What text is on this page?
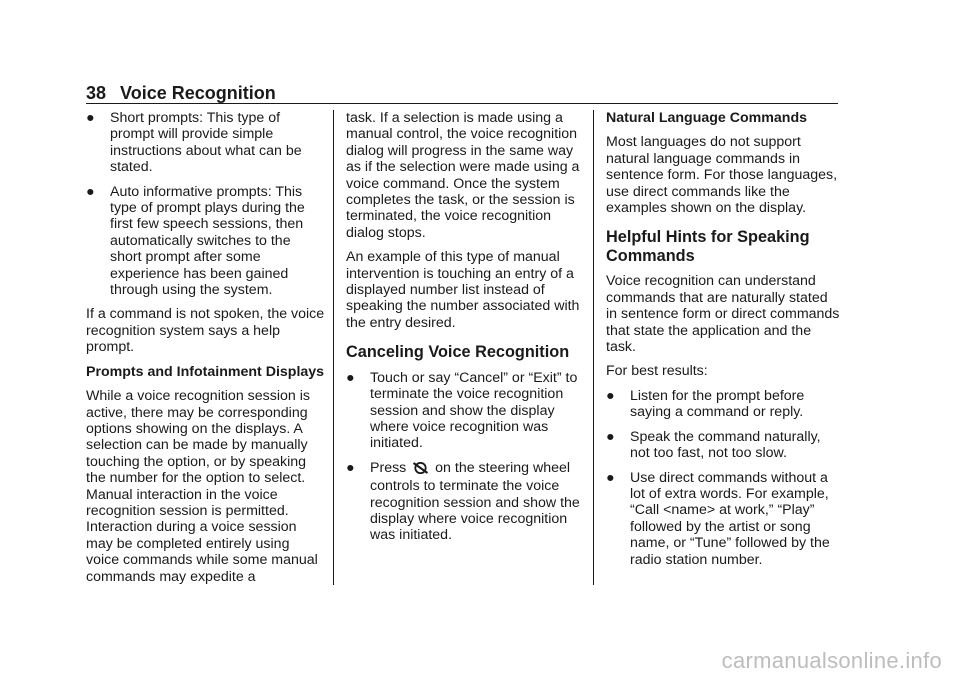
38 Voice Recognition
● Short prompts: This type of prompt will provide simple instructions about what can be stated.
● Auto informative prompts: This type of prompt plays during the first few speech sessions, then automatically switches to the short prompt after some experience has been gained through using the system.

If a command is not spoken, the voice recognition system says a help prompt.

Prompts and Infotainment Displays

While a voice recognition session is active, there may be corresponding options showing on the displays. A selection can be made by manually touching the option, or by speaking the number for the option to select. Manual interaction in the voice recognition session is permitted. Interaction during a voice session may be completed entirely using voice commands while some manual commands may expedite a

task. If a selection is made using a manual control, the voice recognition dialog will progress in the same way as if the selection were made using a voice command. Once the system completes the task, or the session is terminated, the voice recognition dialog stops.

An example of this type of manual intervention is touching an entry of a displayed number list instead of speaking the number associated with the entry desired.

Canceling Voice Recognition
● Touch or say “Cancel” or “Exit” to terminate the voice recognition session and show the display where voice recognition was initiated.
● Press on the steering wheel controls to terminate the voice recognition session and show the display where voice recognition was initiated.

Natural Language Commands

Most languages do not support natural language commands in sentence form. For those languages, use direct commands like the examples shown on the display.

Helpful Hints for Speaking Commands

Voice recognition can understand commands that are naturally stated in sentence form or direct commands that state the application and the task.

For best results:

● Listen for the prompt before saying a command or reply.
● Speak the command naturally, not too fast, not too slow.
● Use direct commands without a lot of extra words. For example, “Call <name> at work,” “Play” followed by the artist or song name, or “Tune” followed by the radio station number.
carmanualsonline.info
